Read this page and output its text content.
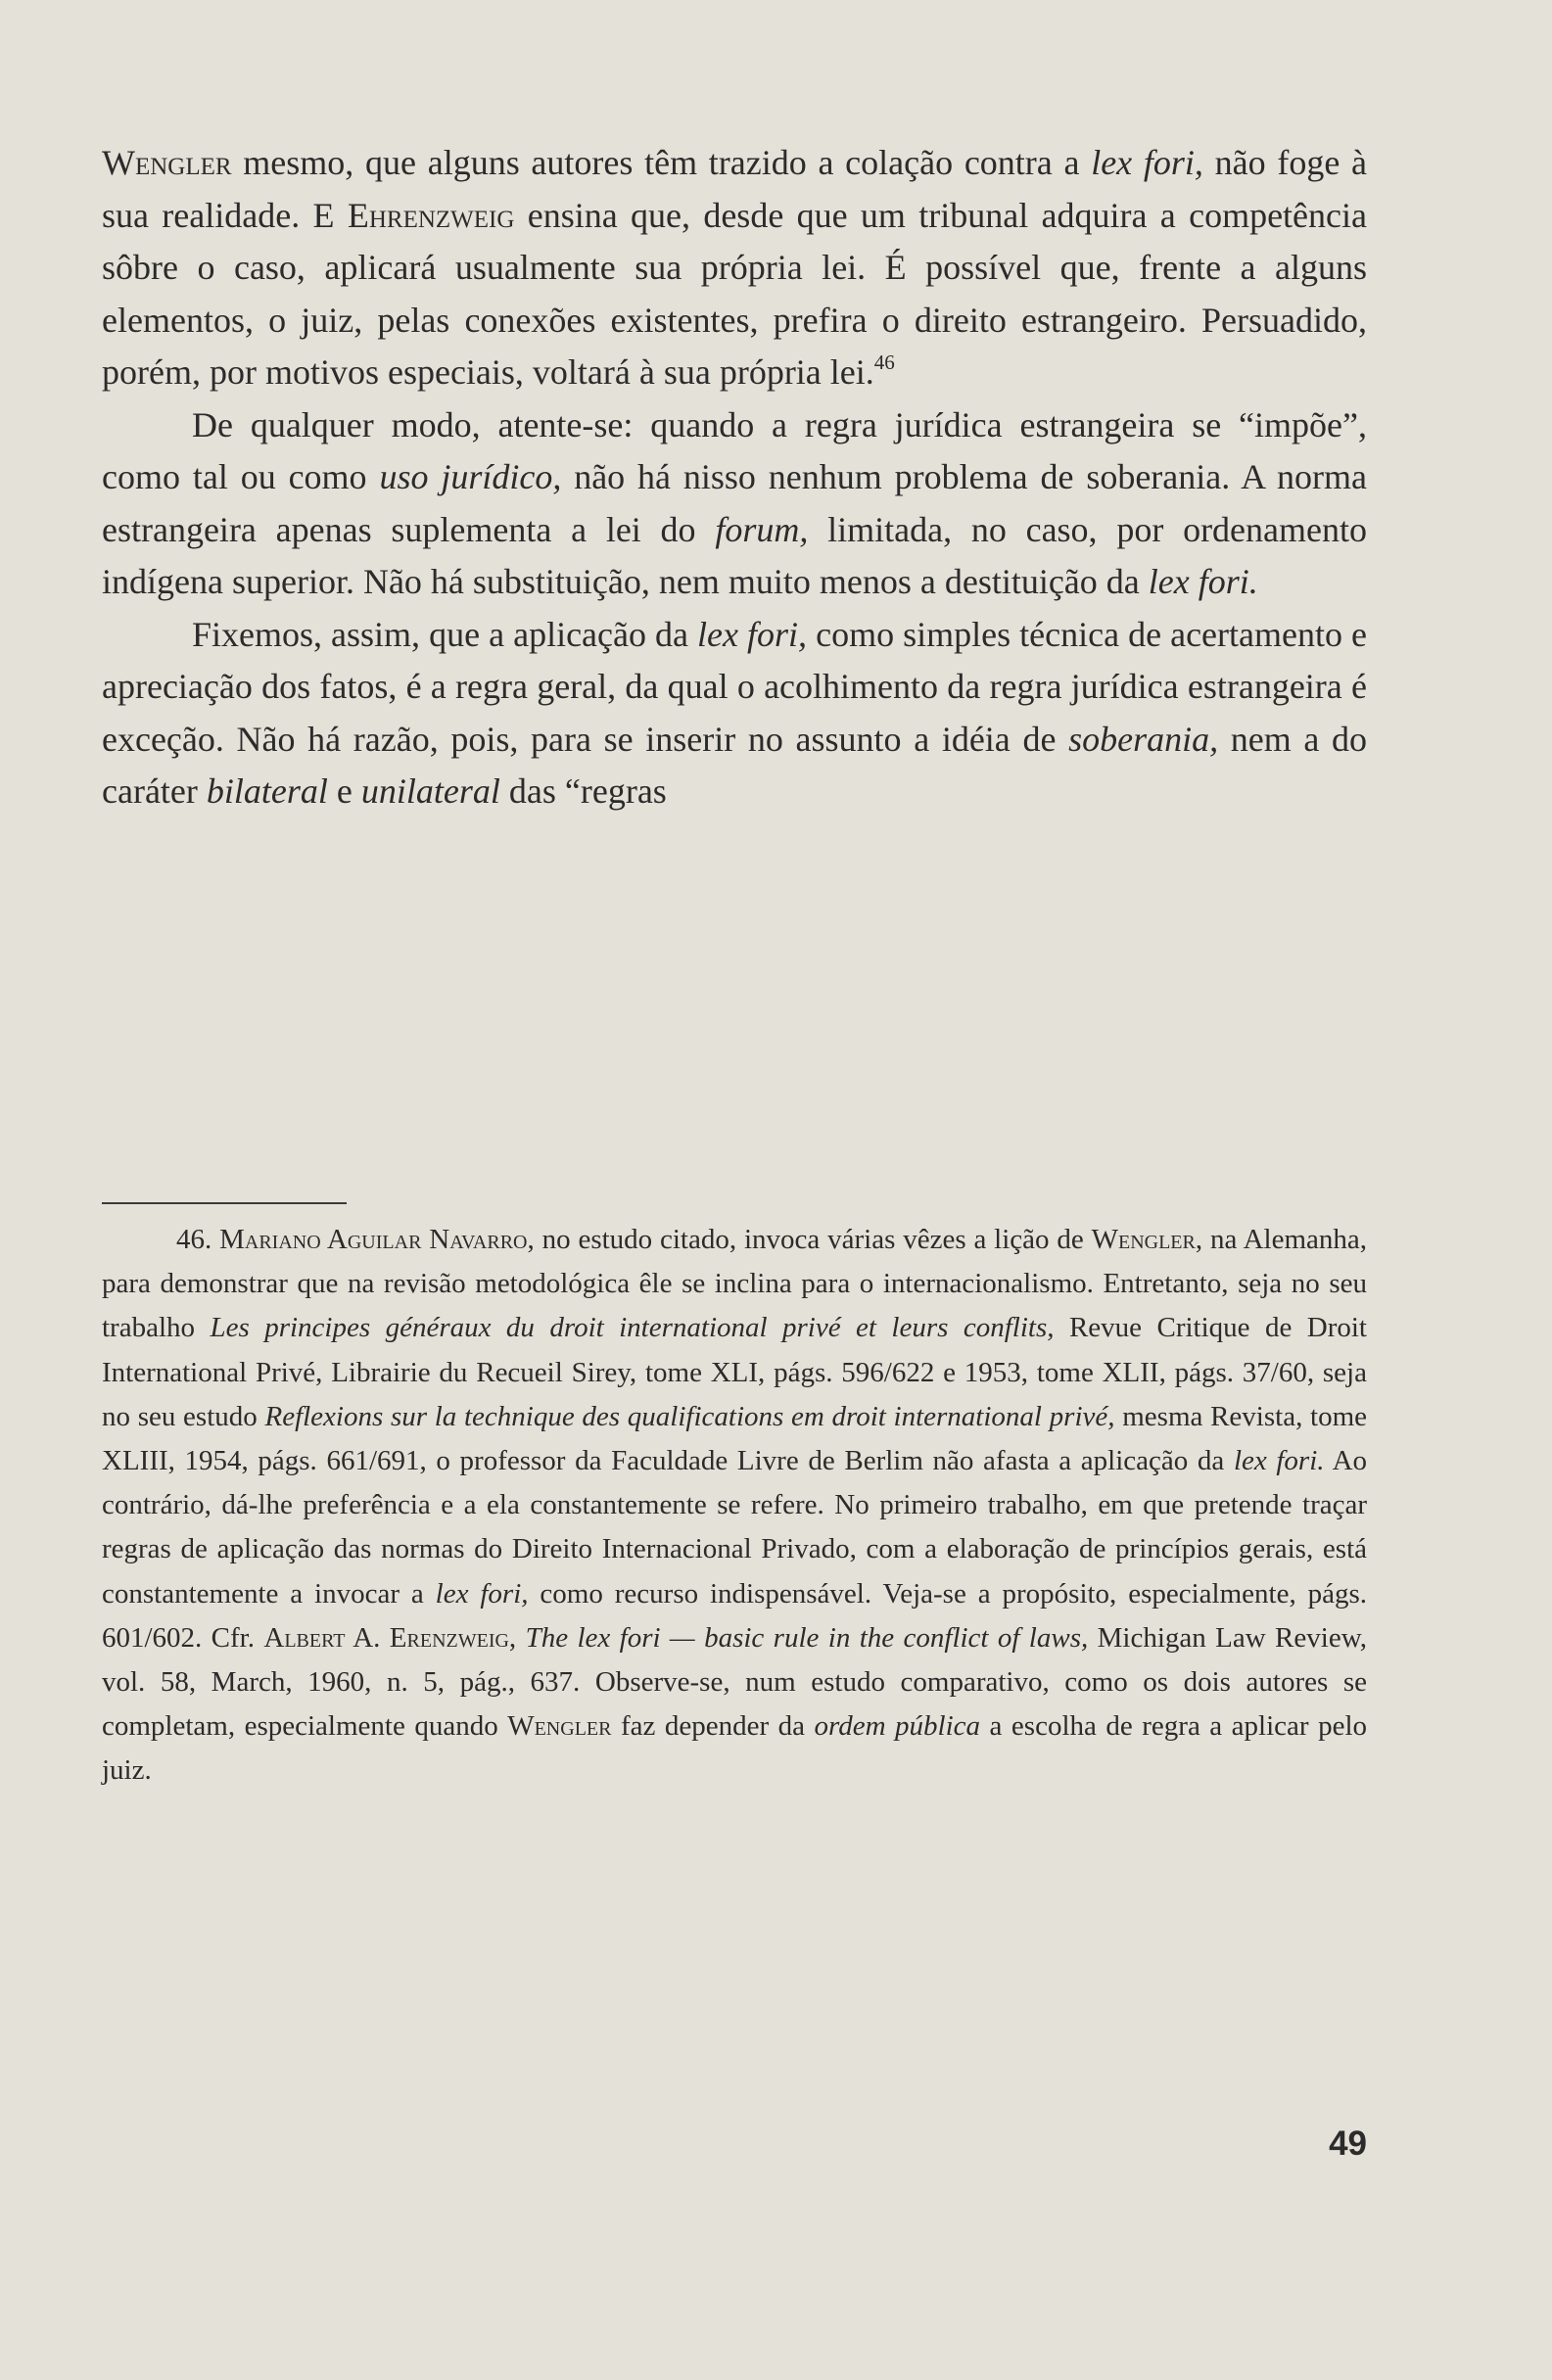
Wengler mesmo, que alguns autores têm trazido a colação contra a lex fori, não foge à sua realidade. E Ehrenzweig ensina que, desde que um tribunal adquira a competência sôbre o caso, aplicará usualmente sua própria lei. É possível que, frente a alguns elementos, o juiz, pelas conexões existentes, prefira o direito estrangeiro. Persuadido, porém, por motivos especiais, voltará à sua própria lei.$^{46}$

De qualquer modo, atente-se: quando a regra jurídica estrangeira se “impõe”, como tal ou como uso jurídico, não há nisso nenhum problema de soberania. A norma estrangeira apenas suplementa a lei do forum, limitada, no caso, por ordenamento indígena superior. Não há substituição, nem muito menos a destituição da lex fori.

Fixemos, assim, que a aplicação da lex fori, como simples técnica de acertamento e apreciação dos fatos, é a regra geral, da qual o acolhimento da regra jurídica estrangeira é exceção. Não há razão, pois, para se inserir no assunto a idéia de soberania, nem a do caráter bilateral e unilateral das “regras

46. Mariano Aguilar Navarro, no estudo citado, invoca várias vêzes a lição de Wengler, na Alemanha, para demonstrar que na revisão metodológica êle se inclina para o internacionalismo. Entretanto, seja no seu trabalho Les principes généraux du droit international privé et leurs conflits, Revue Critique de Droit International Privé, Librairie du Recueil Sirey, tome XLI, págs. 596/622 e 1953, tome XLII, págs. 37/60, seja no seu estudo Reflexions sur la technique des qualifications em droit international privé, mesma Revista, tome XLIII, 1954, págs. 661/691, o professor da Faculdade Livre de Berlim não afasta a aplicação da lex fori. Ao contrário, dá-lhe preferência e a ela constantemente se refere. No primeiro trabalho, em que pretende traçar regras de aplicação das normas do Direito Internacional Privado, com a elaboração de princípios gerais, está constantemente a invocar a lex fori, como recurso indispensável. Veja-se a propósito, especialmente, págs. 601/602. Cfr. Albert A. Erenzweig, The lex fori — basic rule in the conflict of laws, Michigan Law Review, vol. 58, March, 1960, n. 5, pág., 637. Observe-se, num estudo comparativo, como os dois autores se completam, especialmente quando Wengler faz depender da ordem pública a escolha de regra a aplicar pelo juiz.

49
